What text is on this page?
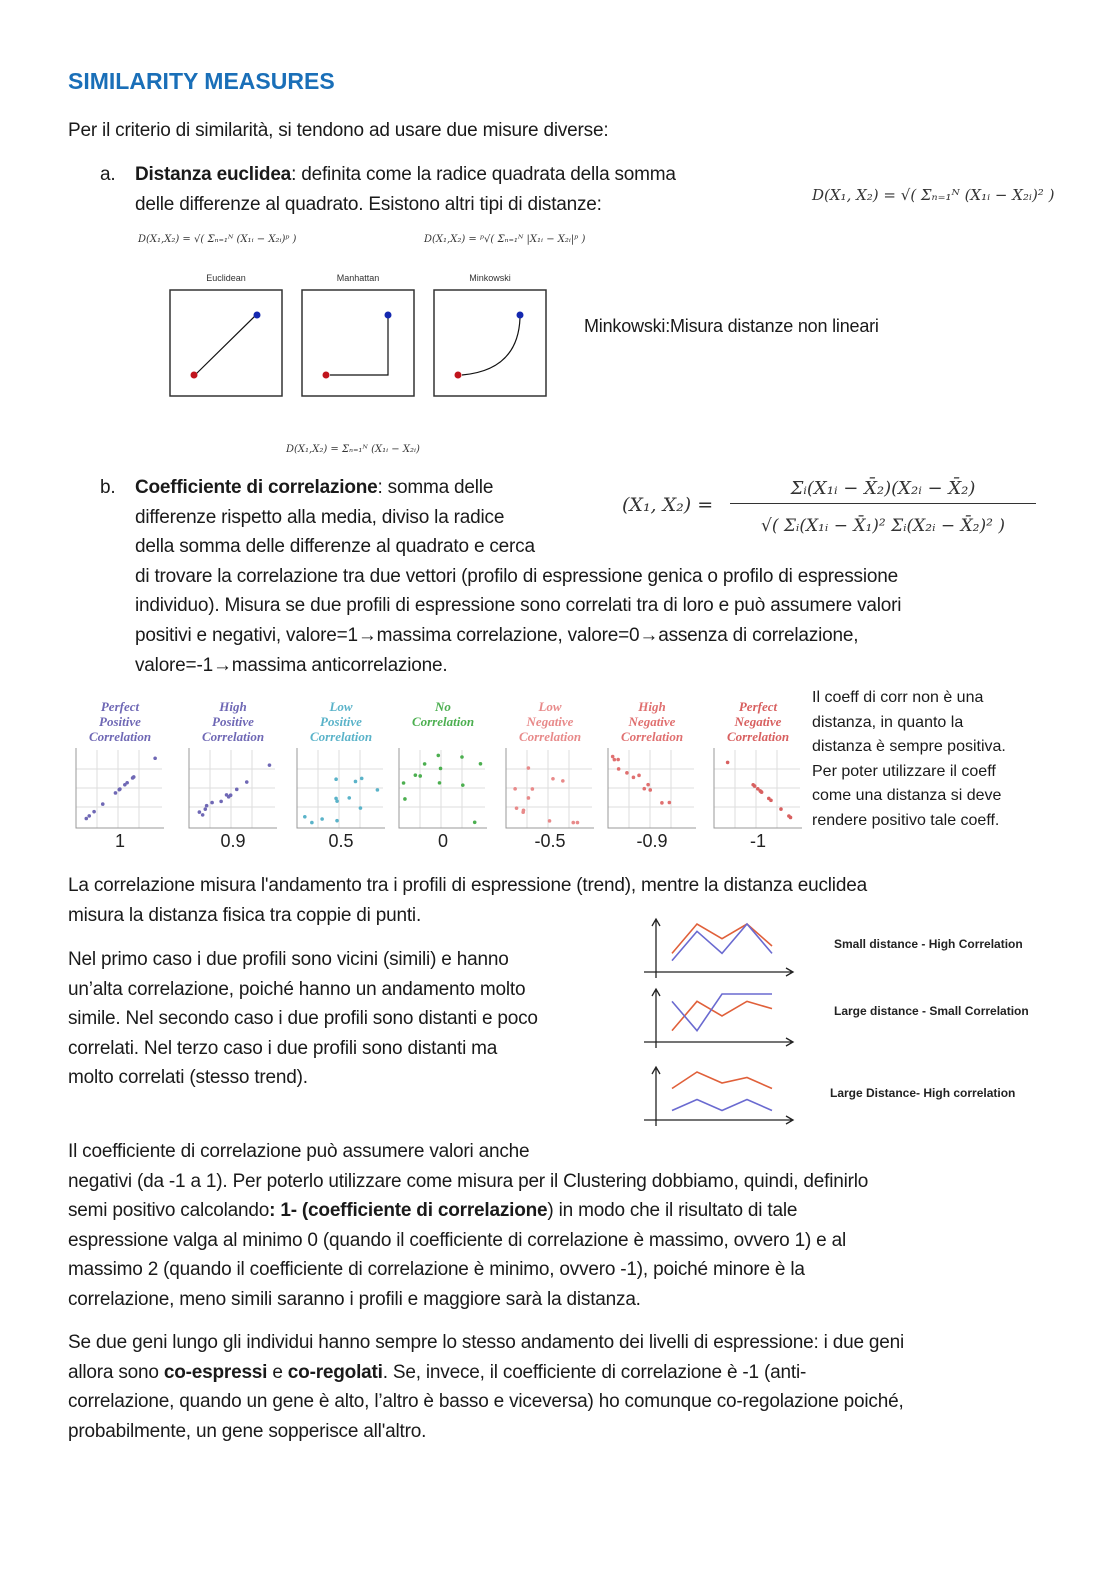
SIMILARITY MEASURES
Per il criterio di similarità, si tendono ad usare due misure diverse:
a. Distanza euclidea: definita come la radice quadrata della somma
delle differenze al quadrato. Esistono altri tipi di distanze:	D(X₁, X₂) = √( Σₙ₌₁ᴺ (X₁ᵢ − X₂ᵢ)² )
D(X₁,X₂) = √( Σₙ₌₁ᴺ (X₁ᵢ − X₂ᵢ)ᵖ )	D(X₁,X₂) = ᵖ√( Σₙ₌₁ᴺ |X₁ᵢ − X₂ᵢ|ᵖ )
Euclidean	Manhattan	Minkowski
Minkowski:Misura distanze non lineari
D(X₁,X₂) = Σₙ₌₁ᴺ (X₁ᵢ − X₂ᵢ)
b. Coefficiente di correlazione: somma delle
differenze rispetto alla media, diviso la radice
della somma delle differenze al quadrato e cerca
di trovare la correlazione tra due vettori (profilo di espressione genica o profilo di espressione
individuo). Misura se due profili di espressione sono correlati tra di loro e può assumere valori
positivi e negativi, valore=1→massima correlazione, valore=0→assenza di correlazione,
valore=-1→massima anticorrelazione.
(X₁, X₂) =
Σᵢ(X₁ᵢ − X̄₂)(X₂ᵢ − X̄₂)
√( Σᵢ(X₁ᵢ − X̄₁)² Σᵢ(X₂ᵢ − X̄₂)² )
Perfect
Positive
Correlation
1
High
Positive
Correlation
0.9
Low
Positive
Correlation
0.5
No
Correlation
0
Low
Negative
Correlation
-0.5
High
Negative
Correlation
-0.9
Perfect
Negative
Correlation
-1
Il coeff di corr non è una
distanza, in quanto la
distanza è sempre positiva.
Per poter utilizzare il coeff
come una distanza si deve
rendere positivo tale coeff.
La correlazione misura l'andamento tra i profili di espressione (trend), mentre la distanza euclidea
misura la distanza fisica tra coppie di punti.
Nel primo caso i due profili sono vicini (simili) e hanno
un’alta correlazione, poiché hanno un andamento molto
simile. Nel secondo caso i due profili sono distanti e poco
correlati. Nel terzo caso i due profili sono distanti ma
molto correlati (stesso trend).
Small distance - High Correlation
Large distance - Small Correlation
Large Distance- High correlation
Il coefficiente di correlazione può assumere valori anche
negativi (da -1 a 1). Per poterlo utilizzare come misura per il Clustering dobbiamo, quindi, definirlo
semi positivo calcolando: 1- (coefficiente di correlazione) in modo che il risultato di tale
espressione valga al minimo 0 (quando il coefficiente di correlazione è massimo, ovvero 1) e al
massimo 2 (quando il coefficiente di correlazione è minimo, ovvero -1), poiché minore è la
correlazione, meno simili saranno i profili e maggiore sarà la distanza.
Se due geni lungo gli individui hanno sempre lo stesso andamento dei livelli di espressione: i due geni
allora sono co-espressi e co-regolati. Se, invece, il coefficiente di correlazione è -1 (anti-
correlazione, quando un gene è alto, l’altro è basso e viceversa) ho comunque co-regolazione poiché,
probabilmente, un gene sopperisce all'altro.
